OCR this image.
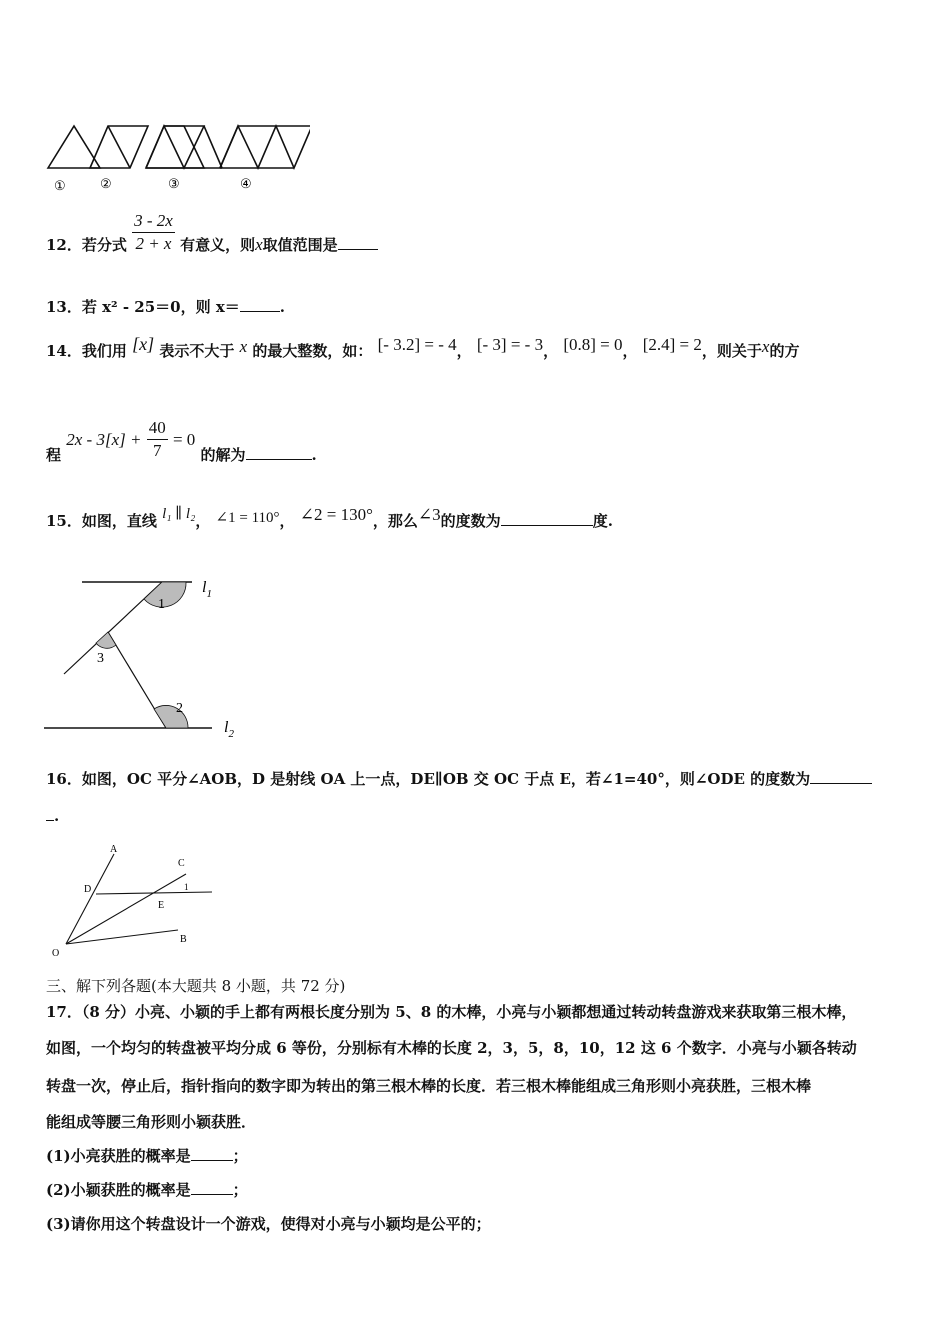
①	②	③	④
12．若分式 $\frac{3 - 2x}{2 + x}$ 有意义，则x取值范围是
13．若 x² - 25＝0，则 x＝	.
14．我们用 [x] 表示不大于 x 的最大整数，如： [- 3.2] = - 4， [- 3] = - 3， [0.8] = 0， [2.4] = 2，则关于x的方
程 $2x - 3[x] + \frac{40}{7} = 0$ 的解为	.
15．如图，直线 l₁ ∥ l₂， ∠1 = 110°， ∠2 = 130°，那么∠3的度数为	度.
1
2
3
$l_1$
$l_2$
16．如图，OC 平分∠AOB，D 是射线 OA 上一点，DE∥OB 交 OC 于点 E，若∠1=40°，则∠ODE 的度数为
.
A
B
C
D
E
O
1
三、解下列各题(本大题共 8 小题，共 72 分)
17．（8 分）小亮、小颖的手上都有两根长度分别为 5、8 的木棒，小亮与小颖都想通过转动转盘游戏来获取第三根木棒，
如图，一个均匀的转盘被平均分成 6 等份，分别标有木棒的长度 2，3，5，8，10，12 这 6 个数字．小亮与小颖各转动
转盘一次，停止后，指针指向的数字即为转出的第三根木棒的长度．若三根木棒能组成三角形则小亮获胜，三根木棒
能组成等腰三角形则小颖获胜．
(1)小亮获胜的概率是	；
(2)小颖获胜的概率是	；
(3)请你用这个转盘设计一个游戏，使得对小亮与小颖均是公平的；
